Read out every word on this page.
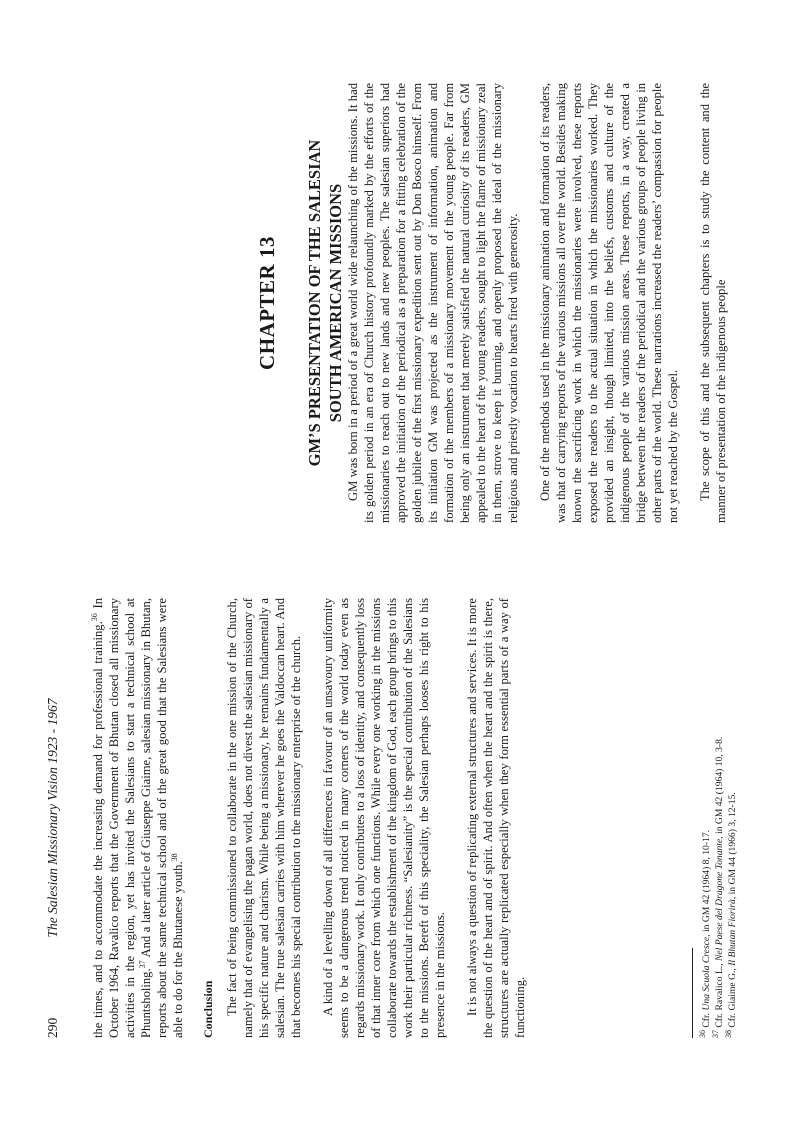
290
The Salesian Missionary Vision 1923 - 1967 the times, and to accommodate the increasing demand for professional training.$^{36}$ In October 1964, Ravalico reports that the Government of Bhutan closed all missionary activities in the region, yet has invited the Salesians to start a technical school at Phuntsholing.$^{37}$ And a later article of Giuseppe Giaime, salesian missionary in Bhutan, reports about the same technical school and of the great good that the Salesians were able to do for the Bhutanese youth.$^{38}$

Conclusion The fact of being commissioned to collaborate in the one mission of the Church, namely that of evangelising the pagan world, does not divest the salesian missionary of his specific nature and charism. While being a missionary, he remains fundamentally a salesian. The true salesian carries with him wherever he goes the Valdoccan heart. And that becomes his special contribution to the missionary enterprise of the church. A kind of a levelling down of all differences in favour of an unsavoury uniformity seems to be a dangerous trend noticed in many corners of the world today even as regards missionary work. It only contributes to a loss of identity, and consequently loss of that inner core from which one functions. While every one working in the missions collaborate towards the establishment of the kingdom of God, each group brings to this work their particular richness. “Salesianity” is the special contribution of the Salesians to the missions. Bereft of this speciality, the Salesian perhaps looses his right to his presence in the missions. It is not always a question of replicating external structures and services. It is more the question of the heart and of spirit. And often when the heart and the spirit is there, structures are actually replicated especially when they form essential parts of a way of functioning.	$^{36}$ Cfr. Una Scuola Cresce, in GM 42 (1964) 8, 10-17.
$^{37}$ Cfr. Ravalico L., Nel Paese del Dragone Tonante, in GM 42 (1964) 10, 3-8.
$^{38}$ Cfr. Giaime G., Il Bhutan Fiorirà, in GM 44 (1966) 3, 12-15.
CHAPTER 13 GM’S PRESENTATION OF THE SALESIAN SOUTH AMERICAN MISSIONS GM was born in a period of a great world wide relaunching of the missions. It had its golden period in an era of Church history profoundly marked by the efforts of the missionaries to reach out to new lands and new peoples. The salesian superiors had approved the initiation of the periodical as a preparation for a fitting celebration of the golden jubilee of the first missionary expedition sent out by Don Bosco himself. From its initiation GM was projected as the instrument of information, animation and formation of the members of a missionary movement of the young people. Far from being only an instrument that merely satisfied the natural curiosity of its readers, GM appealed to the heart of the young readers, sought to light the flame of missionary zeal in them, strove to keep it burning, and openly proposed the ideal of the missionary religious and priestly vocation to hearts fired with generosity. One of the methods used in the missionary animation and formation of its readers, was that of carrying reports of the various missions all over the world. Besides making known the sacrificing work in which the missionaries were involved, these reports exposed the readers to the actual situation in which the missionaries worked. They provided an insight, though limited, into the beliefs, customs and culture of the indigenous people of the various mission areas. These reports, in a way, created a bridge between the readers of the periodical and the various groups of people living in other parts of the world. These narrations increased the readers’ compassion for people not yet reached by the Gospel. The scope of this and the subsequent chapters is to study the content and the manner of presentation of the indigenous people
